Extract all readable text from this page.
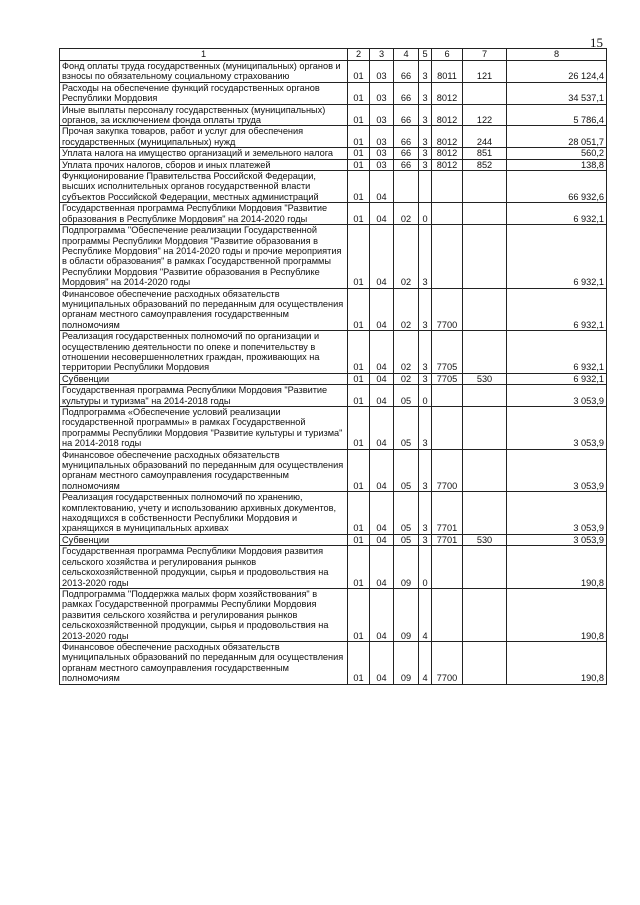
15
1	2	3	4	5	6	7	8
Фонд оплаты труда государственных (муниципальных) органов и взносы по обязательному социальному страхованию	01	03	66	3	8011	121	26 124,4
Расходы на обеспечение функций государственных органов Республики Мордовия	01	03	66	3	8012		34 537,1
Иные выплаты персоналу государственных (муниципальных) органов, за исключением фонда оплаты труда	01	03	66	3	8012	122	5 786,4
Прочая закупка товаров, работ и услуг для обеспечения государственных (муниципальных) нужд	01	03	66	3	8012	244	28 051,7
Уплата налога на имущество организаций и земельного налога	01	03	66	3	8012	851	560,2
Уплата прочих налогов, сборов и иных платежей	01	03	66	3	8012	852	138,8
Функционирование Правительства Российской Федерации, высших исполнительных органов государственной власти субъектов Российской Федерации, местных администраций	01	04					66 932,6
Государственная программа Республики Мордовия "Развитие образования в Республике Мордовия" на 2014-2020 годы	01	04	02	0			6 932,1
Подпрограмма "Обеспечение реализации Государственной программы Республики Мордовия "Развитие образования в Республике Мордовия" на 2014-2020 годы и прочие мероприятия в области образования" в рамках Государственной программы Республики Мордовия "Развитие образования в Республике Мордовия" на 2014-2020 годы	01	04	02	3			6 932,1
Финансовое обеспечение расходных обязательств муниципальных образований по переданным для осуществления органам местного самоуправления государственным полномочиям	01	04	02	3	7700		6 932,1
Реализация государственных полномочий по организации и осуществлению деятельности по опеке и попечительству в отношении несовершеннолетних граждан, проживающих на территории Республики Мордовия	01	04	02	3	7705		6 932,1
Субвенции	01	04	02	3	7705	530	6 932,1
Государственная программа Республики Мордовия "Развитие культуры и туризма" на 2014-2018 годы	01	04	05	0			3 053,9
Подпрограмма «Обеспечение условий реализации государственной программы» в рамках Государственной программы Республики Мордовия "Развитие культуры и туризма" на 2014-2018 годы	01	04	05	3			3 053,9
Финансовое обеспечение расходных обязательств муниципальных образований по переданным для осуществления органам местного самоуправления государственным полномочиям	01	04	05	3	7700		3 053,9
Реализация государственных полномочий по хранению, комплектованию, учету и использованию архивных документов, находящихся в собственности Республики Мордовия и хранящихся в муниципальных архивах	01	04	05	3	7701		3 053,9
Субвенции	01	04	05	3	7701	530	3 053,9
Государственная программа Республики Мордовия развития сельского хозяйства и регулирования рынков сельскохозяйственной продукции, сырья и продовольствия на 2013-2020 годы	01	04	09	0			190,8
Подпрограмма "Поддержка малых форм хозяйствования" в рамках Государственной программы Республики Мордовия развития сельского хозяйства и регулирования рынков сельскохозяйственной продукции, сырья и продовольствия на 2013-2020 годы	01	04	09	4			190,8
Финансовое обеспечение расходных обязательств муниципальных образований по переданным для осуществления органам местного самоуправления государственным полномочиям	01	04	09	4	7700		190,8
